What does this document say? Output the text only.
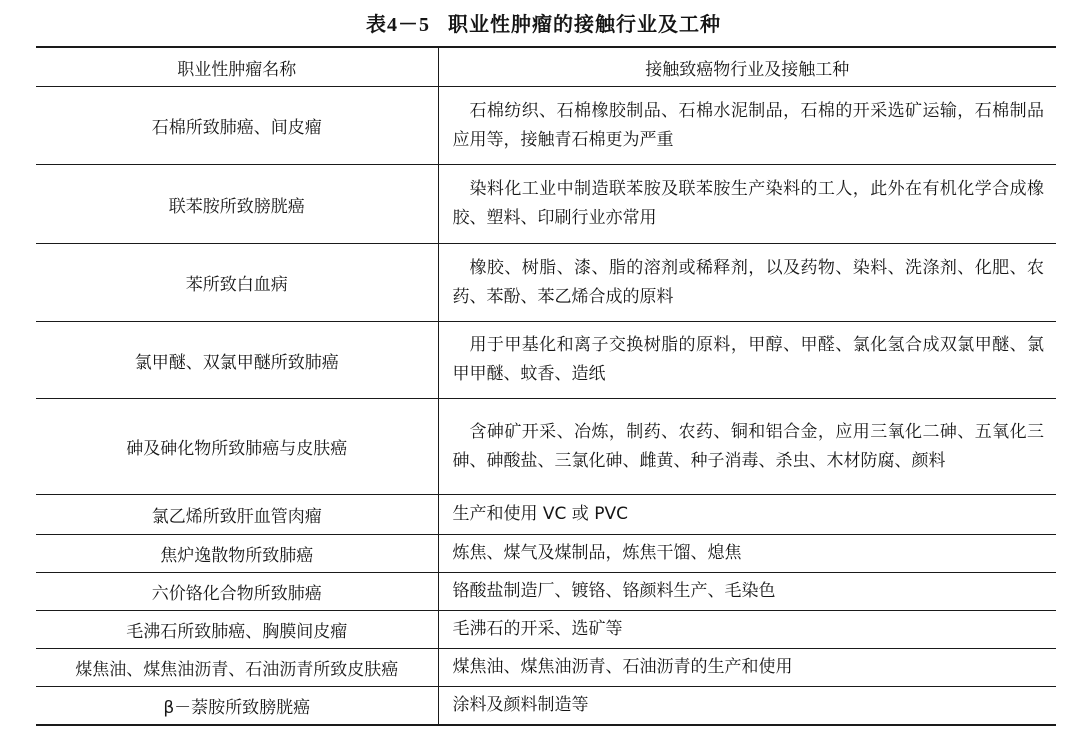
表4－5 职业性肿瘤的接触行业及工种
职业性肿瘤名称	接触致癌物行业及接触工种
石棉所致肺癌、间皮瘤	石棉纺织、石棉橡胶制品、石棉水泥制品，石棉的开采选矿运输，石棉制品应用等，接触青石棉更为严重

联苯胺所致膀胱癌	染料化工业中制造联苯胺及联苯胺生产染料的工人，此外在有机化学合成橡胶、塑料、印刷行业亦常用

苯所致白血病	橡胶、树脂、漆、脂的溶剂或稀释剂，以及药物、染料、洗涤剂、化肥、农药、苯酚、苯乙烯合成的原料

氯甲醚、双氯甲醚所致肺癌	用于甲基化和离子交换树脂的原料，甲醇、甲醛、氯化氢合成双氯甲醚、氯甲甲醚、蚊香、造纸

砷及砷化物所致肺癌与皮肤癌	含砷矿开采、冶炼，制药、农药、铜和铝合金，应用三氧化二砷、五氧化三砷、砷酸盐、三氯化砷、雌黄、种子消毒、杀虫、木材防腐、颜料

氯乙烯所致肝血管肉瘤	生产和使用 VC 或 PVC

焦炉逸散物所致肺癌	炼焦、煤气及煤制品，炼焦干馏、熄焦

六价铬化合物所致肺癌	铬酸盐制造厂、镀铬、铬颜料生产、毛染色

毛沸石所致肺癌、胸膜间皮瘤	毛沸石的开采、选矿等

煤焦油、煤焦油沥青、石油沥青所致皮肤癌	煤焦油、煤焦油沥青、石油沥青的生产和使用

β－萘胺所致膀胱癌	涂料及颜料制造等
